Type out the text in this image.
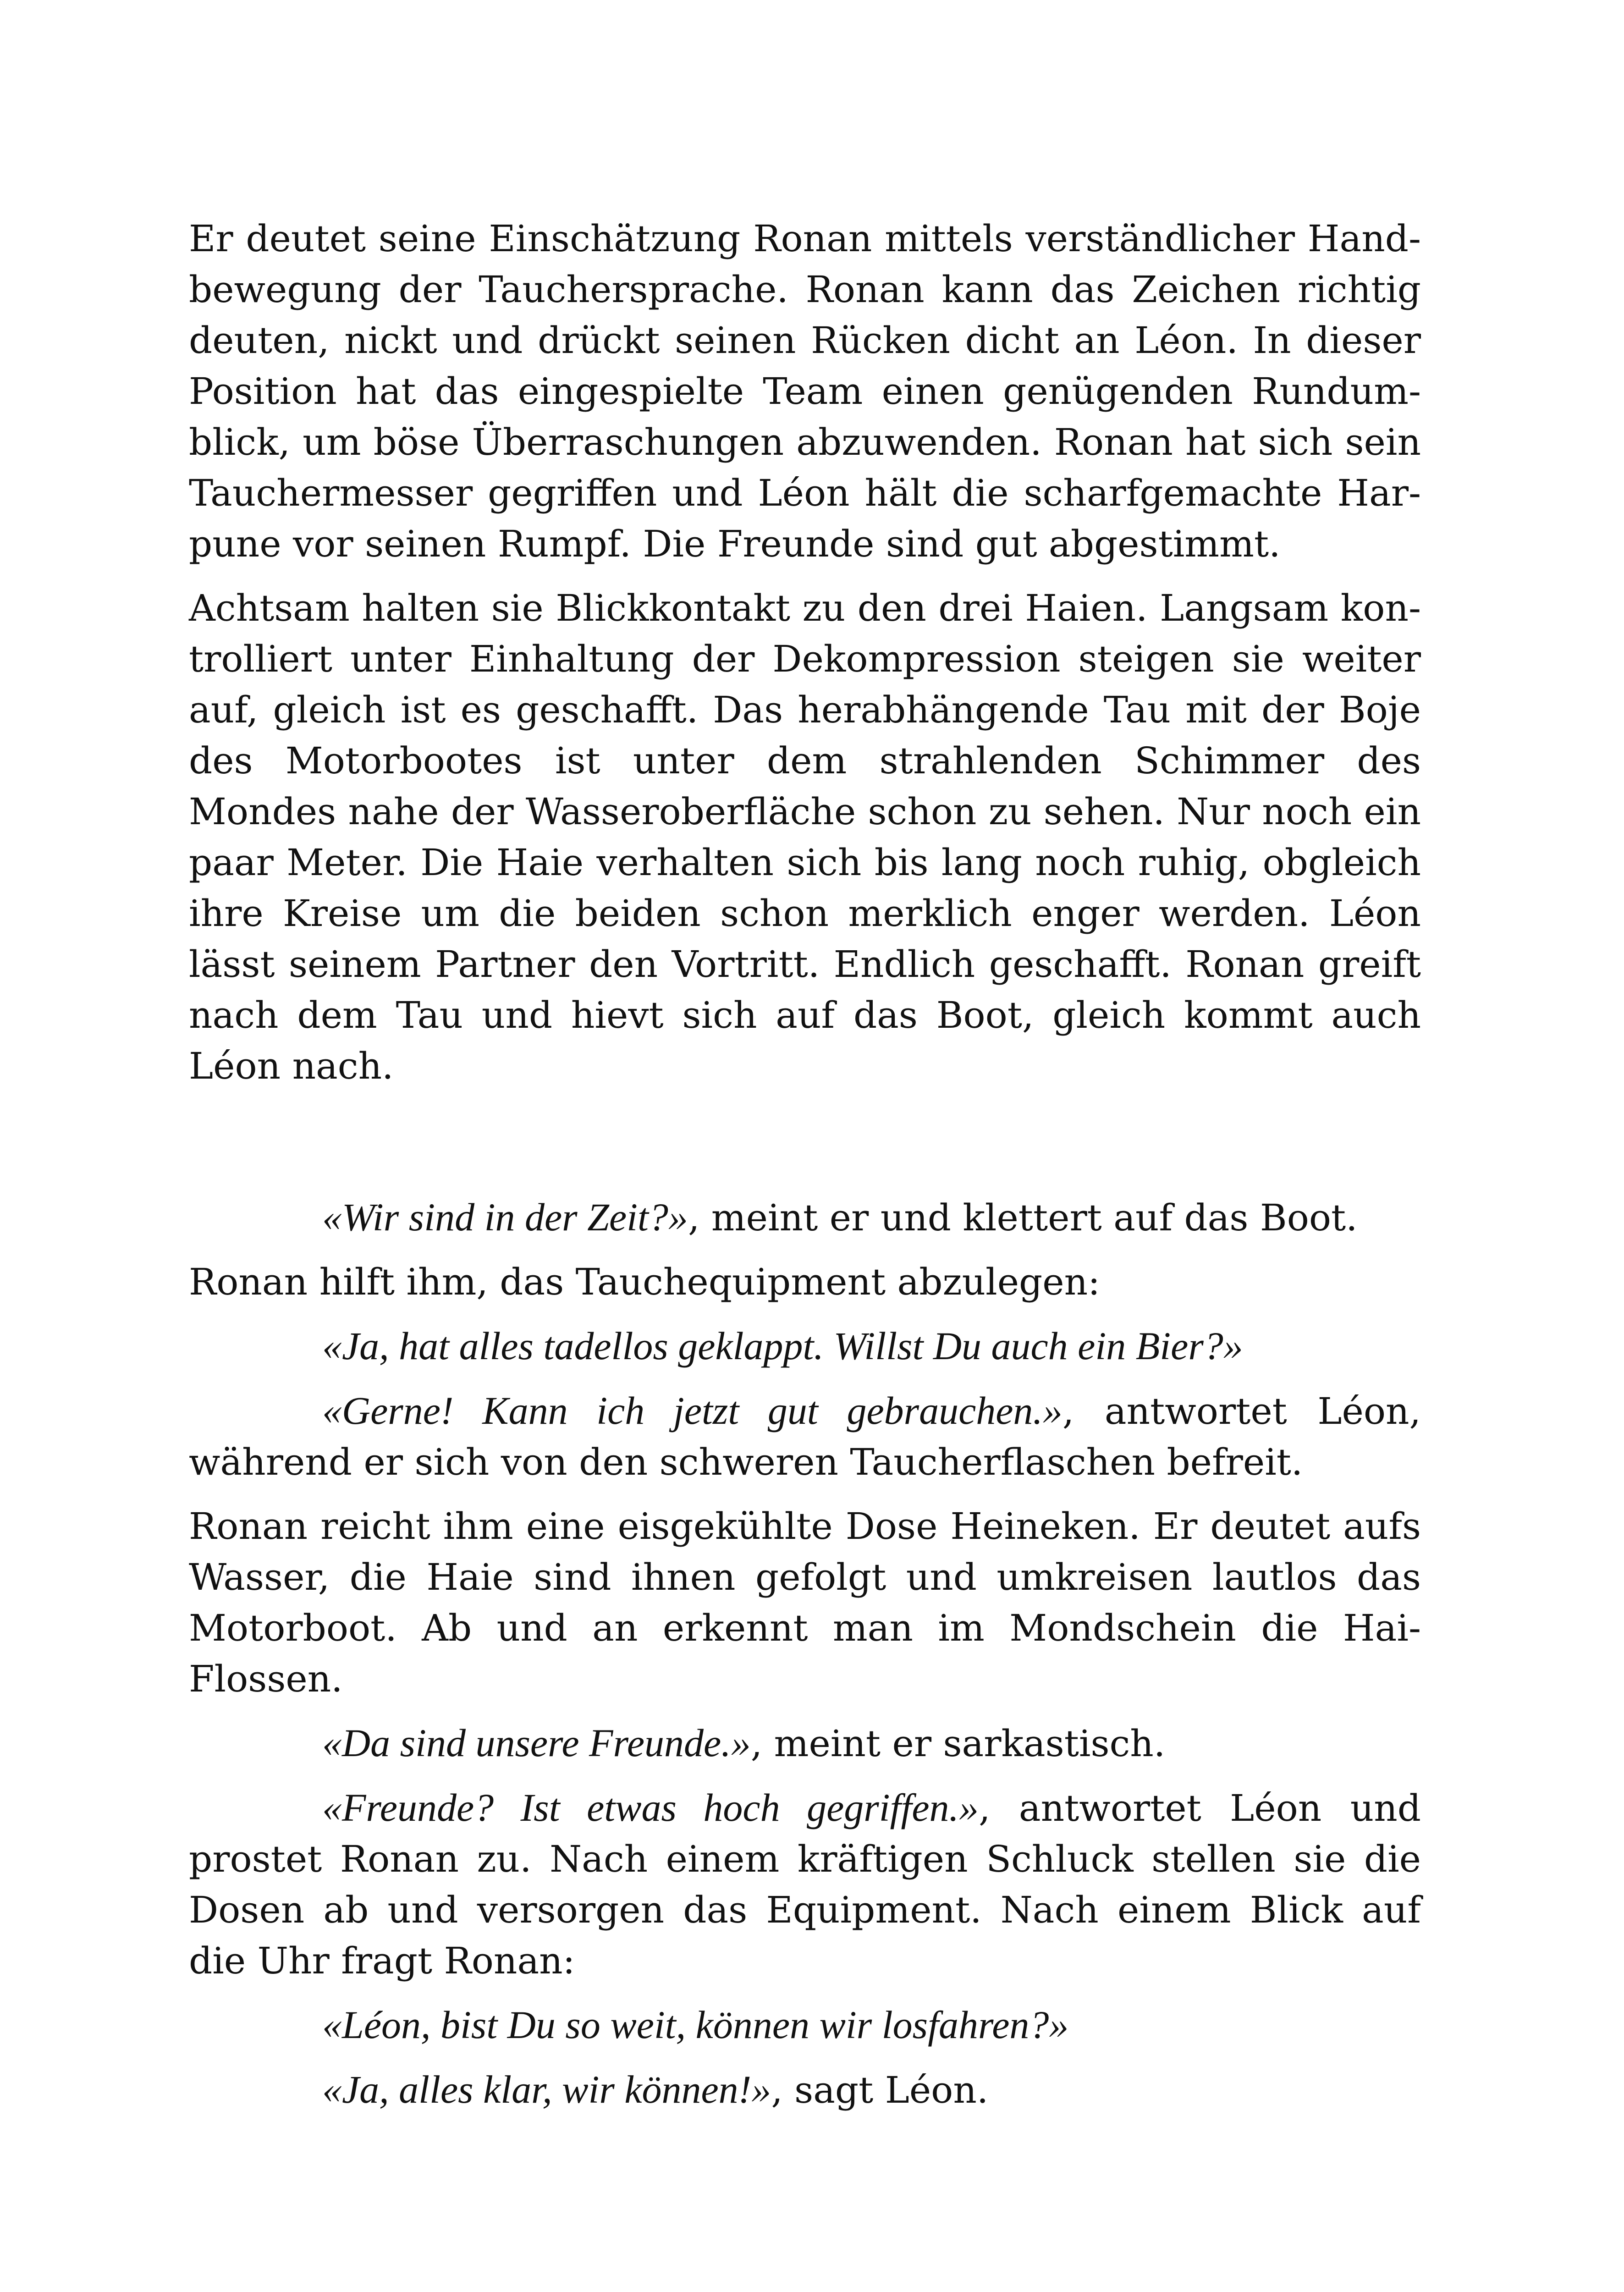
Er deutet seine Einschätzung Ronan mittels verständlicher Handbewegung der Tauchersprache. Ronan kann das Zeichen richtig deuten, nickt und drückt seinen Rücken dicht an Léon. In dieser Position hat das eingespielte Team einen genügenden Rundumblick, um böse Überraschungen abzuwenden. Ronan hat sich sein Tauchermesser gegriffen und Léon hält die scharfgemachte Harpune vor seinen Rumpf. Die Freunde sind gut abgestimmt.

Achtsam halten sie Blickkontakt zu den drei Haien. Langsam kontrolliert unter Einhaltung der Dekompression steigen sie weiter auf, gleich ist es geschafft. Das herabhängende Tau mit der Boje des Motorbootes ist unter dem strahlenden Schimmer des Mondes nahe der Wasseroberfläche schon zu sehen. Nur noch ein paar Meter. Die Haie verhalten sich bis lang noch ruhig, obgleich ihre Kreise um die beiden schon merklich enger werden. Léon lässt seinem Partner den Vortritt. Endlich geschafft. Ronan greift nach dem Tau und hievt sich auf das Boot, gleich kommt auch Léon nach.

«Wir sind in der Zeit?», meint er und klettert auf das Boot.

Ronan hilft ihm, das Tauchequipment abzulegen:

«Ja, hat alles tadellos geklappt. Willst Du auch ein Bier?»

«Gerne! Kann ich jetzt gut gebrauchen.», antwortet Léon, während er sich von den schweren Taucherflaschen befreit.

Ronan reicht ihm eine eisgekühlte Dose Heineken. Er deutet aufs Wasser, die Haie sind ihnen gefolgt und umkreisen lautlos das Motorboot. Ab und an erkennt man im Mondschein die Hai-Flossen.

«Da sind unsere Freunde.», meint er sarkastisch.

«Freunde? Ist etwas hoch gegriffen.», antwortet Léon und prostet Ronan zu. Nach einem kräftigen Schluck stellen sie die Dosen ab und versorgen das Equipment. Nach einem Blick auf die Uhr fragt Ronan:

«Léon, bist Du so weit, können wir losfahren?»

«Ja, alles klar, wir können!», sagt Léon.
